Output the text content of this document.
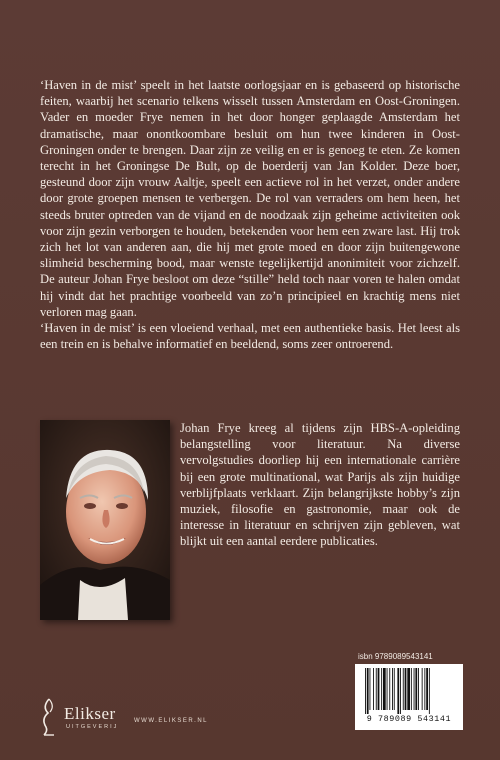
‘Haven in de mist’ speelt in het laatste oorlogsjaar en is gebaseerd op historische feiten, waarbij het scenario telkens wisselt tussen Amsterdam en Oost-Groningen. Vader en moeder Frye nemen in het door honger geplaagde Amsterdam het dramatische, maar onontkoombare besluit om hun twee kinderen in Oost-Groningen onder te brengen. Daar zijn ze veilig en er is genoeg te eten. Ze komen terecht in het Groningse De Bult, op de boerderij van Jan Kolder. Deze boer, gesteund door zijn vrouw Aaltje, speelt een actieve rol in het verzet, onder andere door grote groepen mensen te verbergen. De rol van verraders om hem heen, het steeds bruter optreden van de vijand en de noodzaak zijn geheime activiteiten ook voor zijn gezin verborgen te houden, betekenden voor hem een zware last. Hij trok zich het lot van anderen aan, die hij met grote moed en door zijn buitengewone slimheid bescherming bood, maar wenste tegelijkertijd anonimiteit voor zichzelf. De auteur Johan Frye besloot om deze “stille” held toch naar voren te halen omdat hij vindt dat het prachtige voorbeeld van zo’n principieel en krachtig mens niet verloren mag gaan.

‘Haven in de mist’ is een vloeiend verhaal, met een authentieke basis. Het leest als een trein en is behalve informatief en beeldend, soms zeer ontroerend.

Johan Frye kreeg al tijdens zijn HBS-A-opleiding belangstelling voor literatuur. Na diverse vervolgstudies doorliep hij een internationale carrière bij een grote multinational, wat Parijs als zijn huidige verblijfplaats verklaart. Zijn belangrijkste hobby’s zijn muziek, filosofie en gastronomie, maar ook de interesse in literatuur en schrijven zijn gebleven, wat blijkt uit een aantal eerdere publicaties.
Elikser
UITGEVERIJ
WWW.ELIKSER.NL
isbn 9789089543141
9 789089 543141
